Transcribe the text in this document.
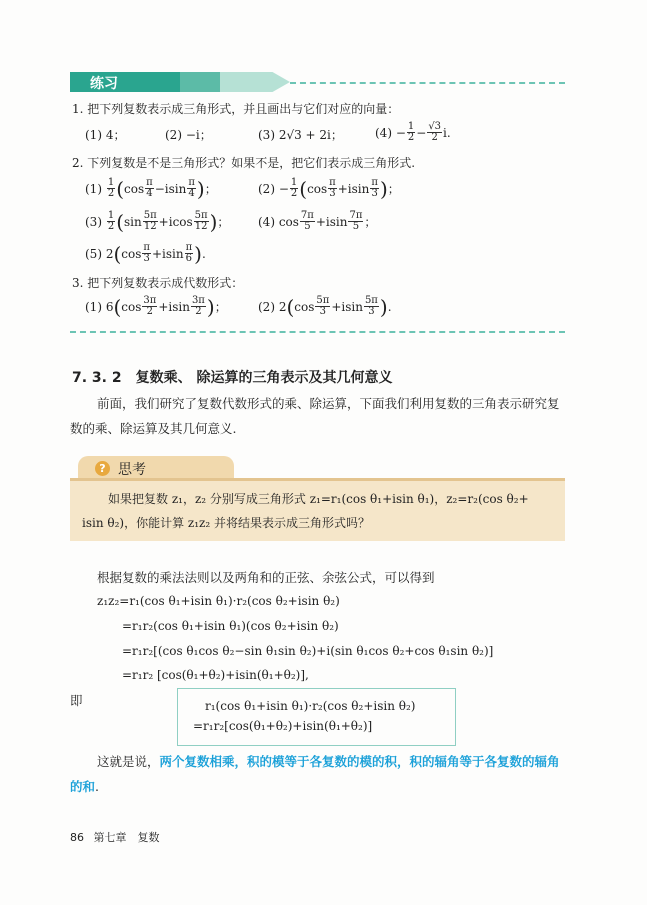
练习
1. 把下列复数表示成三角形式，并且画出与它们对应的向量：
(1) 4；	(2) −i；	(3) 2√3 + 2i；	$(4) - \frac{1}{2} - \frac{√3}{2} i$.
2. 下列复数是不是三角形式？如果不是，把它们表示成三角形式.
$(1) \frac{1}{2}$ ( $\cos \frac{\pi}{4} -isin \frac{\pi}{4}$ ) ；	$(2) - \frac{1}{2}$ ( $\cos \frac{\pi}{3} +isin \frac{\pi}{3}$ ) ；
$(3) \frac{1}{2}$ ( $\sin \frac{5\pi}{12} +icos \frac{5\pi}{12}$ ) ； (4) $\cos \frac{7\pi}{5} +isin \frac{7\pi}{5}$ ；
(5) 2 ( $\cos \frac{\pi}{3} +isin \frac{\pi}{6}$ ) .
3. 把下列复数表示成代数形式：
(1) 6 ( $\cos \frac{3\pi}{2} +isin \frac{3\pi}{2}$ ) ；	(2) 2 ( $\cos \frac{5\pi}{3} +isin \frac{5\pi}{3}$ ) .
7. 3. 2　复数乘、 除运算的三角表示及其几何意义
前面，我们研究了复数代数形式的乘、除运算，下面我们利用复数的三角表示研究复
数的乘、除运算及其几何意义.
? 思考
如果把复数 z₁，z₂ 分别写成三角形式 z₁=r₁(cos θ₁+isin θ₁)，z₂=r₂(cos θ₂+
isin θ₂)，你能计算 z₁z₂ 并将结果表示成三角形式吗？
根据复数的乘法法则以及两角和的正弦、余弦公式，可以得到
z₁z₂=r₁(cos θ₁+isin θ₁)·r₂(cos θ₂+isin θ₂)
=r₁r₂(cos θ₁+isin θ₁)(cos θ₂+isin θ₂)
=r₁r₂[(cos θ₁cos θ₂−sin θ₁sin θ₂)+i(sin θ₁cos θ₂+cos θ₁sin θ₂)]
=r₁r₂ [cos(θ₁+θ₂)+isin(θ₁+θ₂)],
即	r₁(cos θ₁+isin θ₁)·r₂(cos θ₂+isin θ₂)
=r₁r₂[cos(θ₁+θ₂)+isin(θ₁+θ₂)]
这就是说，两个复数相乘，积的模等于各复数的模的积，积的辐角等于各复数的辐角
的和.
86 第七章　复数
